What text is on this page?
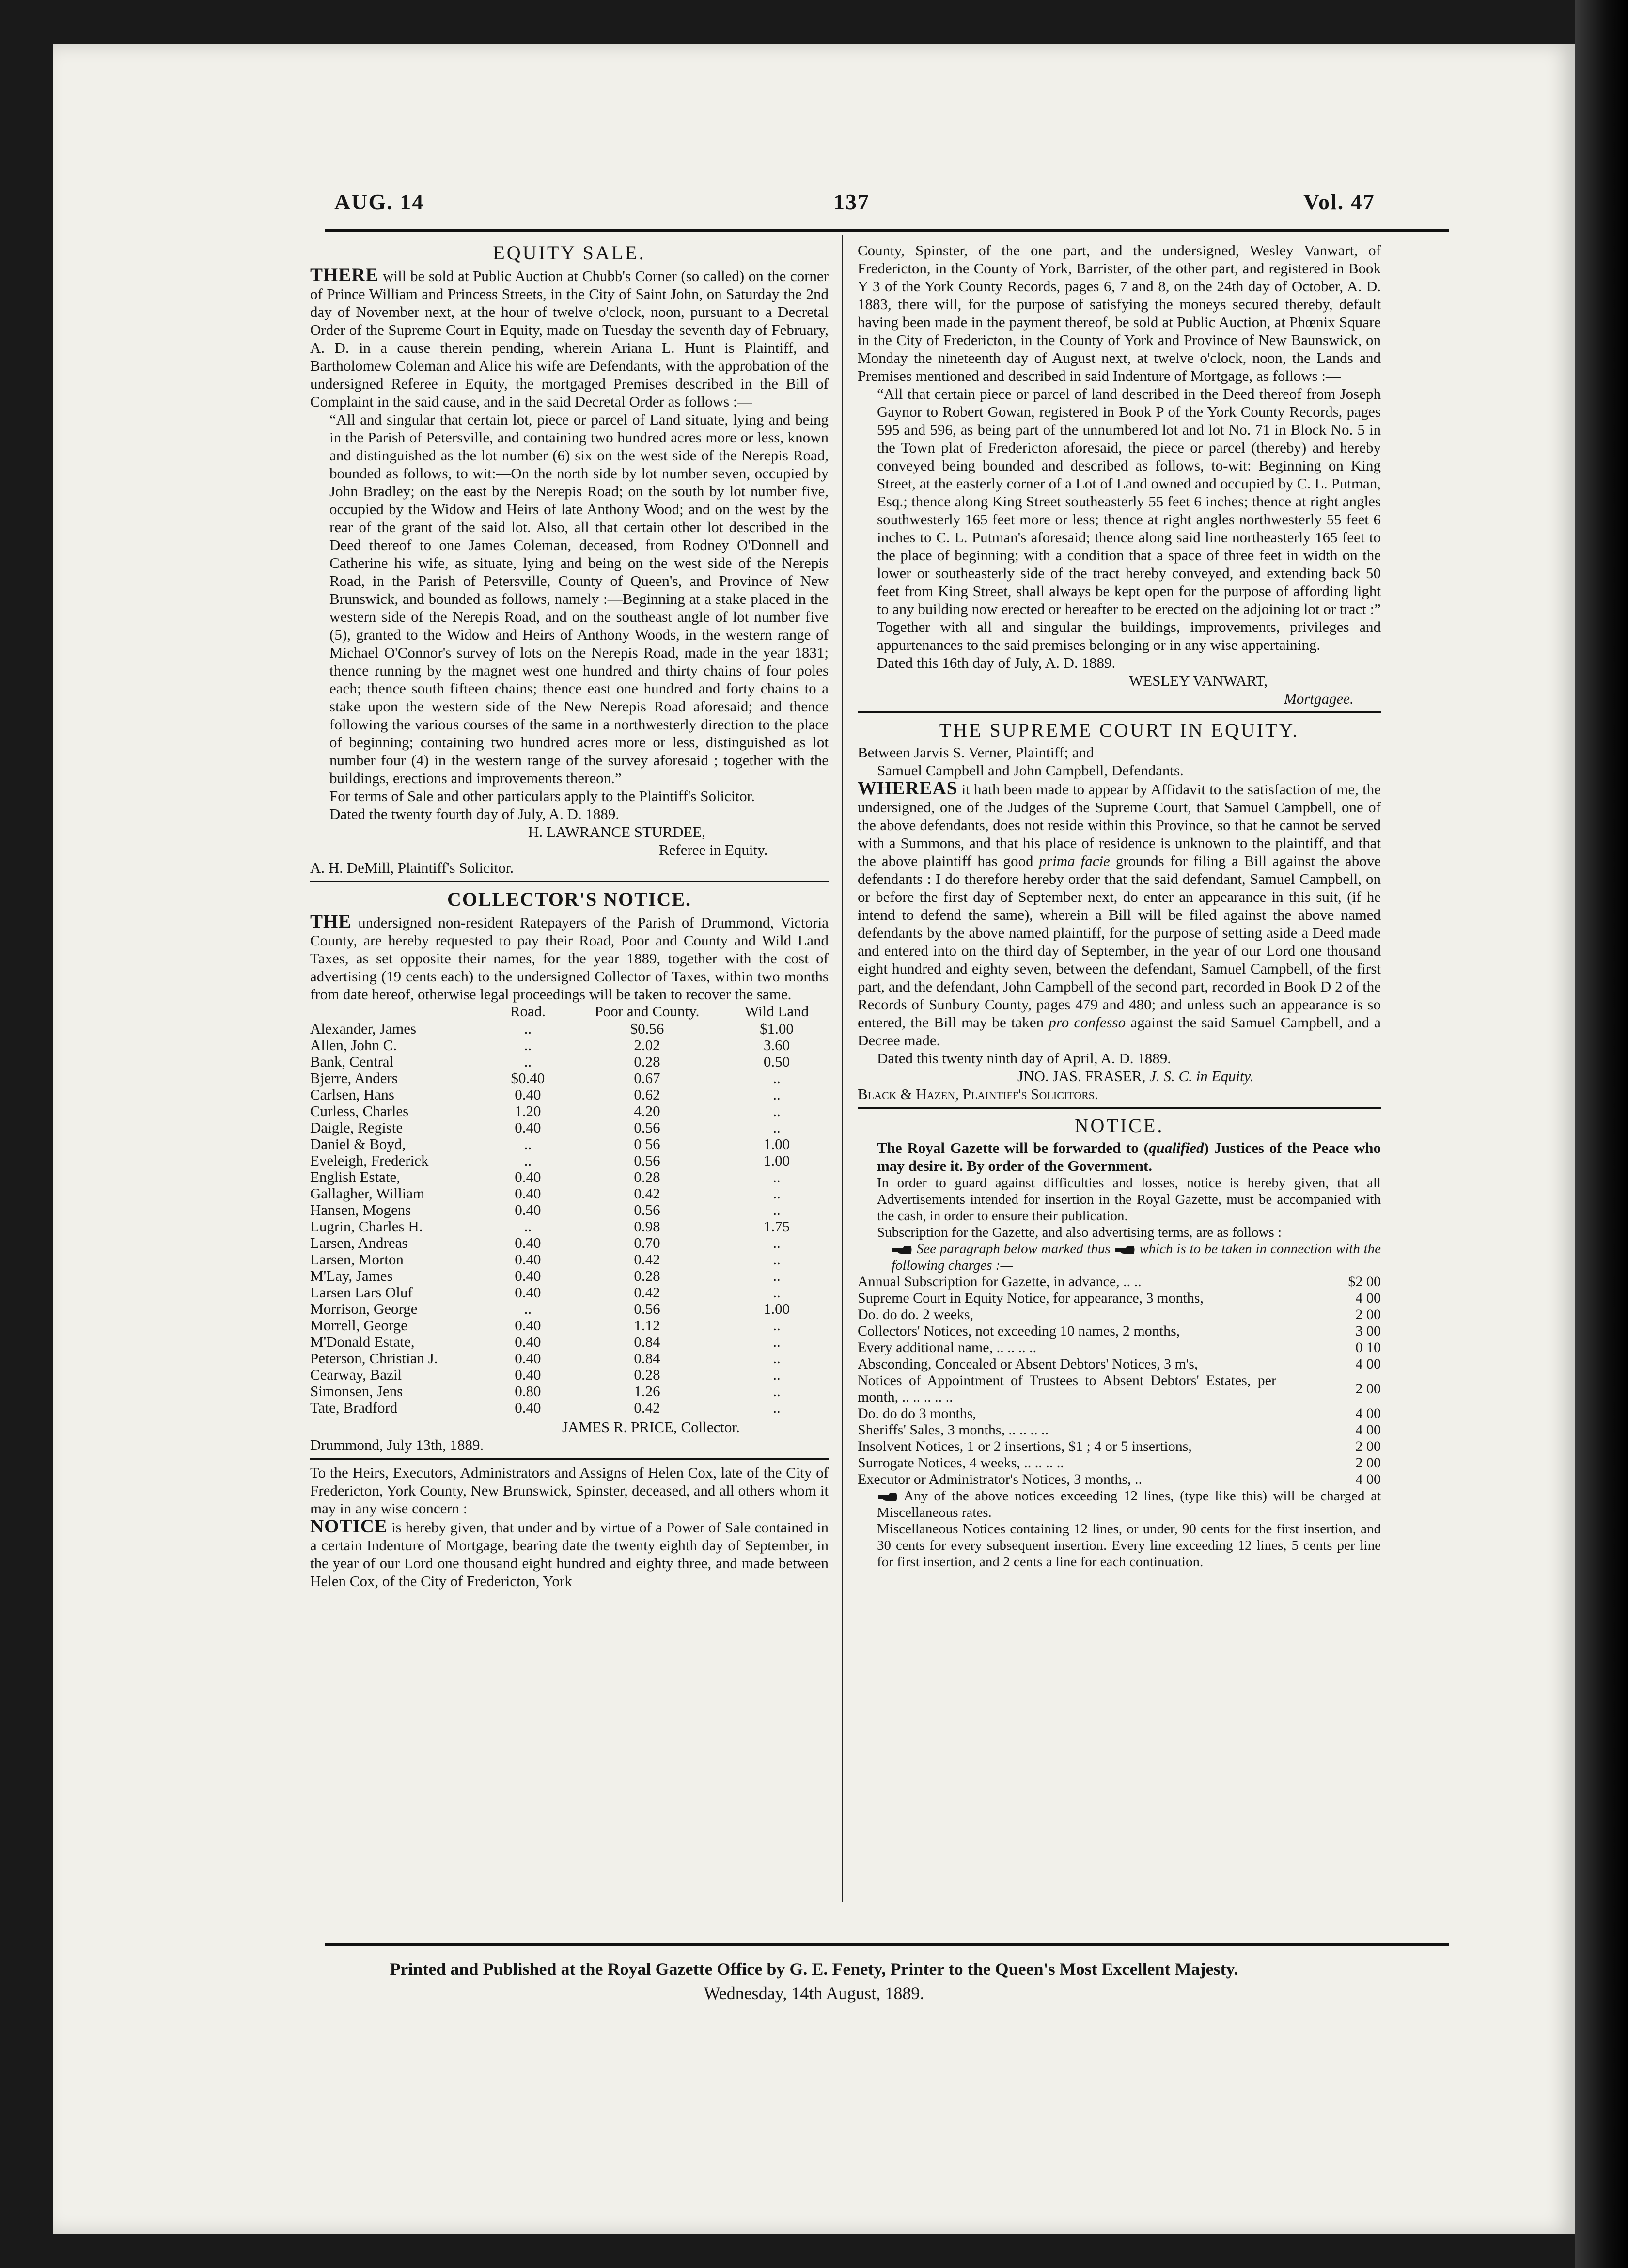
AUG. 14	137	Vol. 47

EQUITY SALE.

THERE will be sold at Public Auction at Chubb's Corner (so called) on the corner of Prince William and Princess Streets, in the City of Saint John, on Saturday the 2nd day of November next, at the hour of twelve o'clock, noon, pursuant to a Decretal Order of the Supreme Court in Equity, made on Tuesday the seventh day of February, A. D. in a cause therein pending, wherein Ariana L. Hunt is Plaintiff, and Bartholomew Coleman and Alice his wife are Defendants, with the approbation of the undersigned Referee in Equity, the mortgaged Premises described in the Bill of Complaint in the said cause, and in the said Decretal Order as follows :—

“All and singular that certain lot, piece or parcel of Land situate, lying and being in the Parish of Petersville, and containing two hundred acres more or less, known and distinguished as the lot number (6) six on the west side of the Nerepis Road, bounded as follows, to wit:—On the north side by lot number seven, occupied by John Bradley; on the east by the Nerepis Road; on the south by lot number five, occupied by the Widow and Heirs of late Anthony Wood; and on the west by the rear of the grant of the said lot. Also, all that certain other lot described in the Deed thereof to one James Coleman, deceased, from Rodney O'Donnell and Catherine his wife, as situate, lying and being on the west side of the Nerepis Road, in the Parish of Petersville, County of Queen's, and Province of New Brunswick, and bounded as follows, namely :—Beginning at a stake placed in the western side of the Nerepis Road, and on the southeast angle of lot number five (5), granted to the Widow and Heirs of Anthony Woods, in the western range of Michael O'Connor's survey of lots on the Nerepis Road, made in the year 1831; thence running by the magnet west one hundred and thirty chains of four poles each; thence south fifteen chains; thence east one hundred and forty chains to a stake upon the western side of the New Nerepis Road aforesaid; and thence following the various courses of the same in a northwesterly direction to the place of beginning; containing two hundred acres more or less, distinguished as lot number four (4) in the western range of the survey aforesaid ; together with the buildings, erections and improvements thereon.”

For terms of Sale and other particulars apply to the Plaintiff's Solicitor.

Dated the twenty fourth day of July, A. D. 1889.

H. LAWRANCE STURDEE,

Referee in Equity.

A. H. DeMill, Plaintiff's Solicitor.

COLLECTOR'S NOTICE.

THE undersigned non-resident Ratepayers of the Parish of Drummond, Victoria County, are hereby requested to pay their Road, Poor and County and Wild Land Taxes, as set opposite their names, for the year 1889, together with the cost of advertising (19 cents each) to the undersigned Collector of Taxes, within two months from date hereof, otherwise legal proceedings will be taken to recover the same.

	Road.	Poor and County.	Wild Land
Alexander, James	..	$0.56	$1.00
Allen, John C.	..	2.02	3.60
Bank, Central	..	0.28	0.50
Bjerre, Anders	$0.40	0.67	..
Carlsen, Hans	0.40	0.62	..
Curless, Charles	1.20	4.20	..
Daigle, Registe	0.40	0.56	..
Daniel & Boyd,	..	0 56	1.00
Eveleigh, Frederick	..	0.56	1.00
English Estate,	0.40	0.28	..
Gallagher, William	0.40	0.42	..
Hansen, Mogens	0.40	0.56	..
Lugrin, Charles H.	..	0.98	1.75
Larsen, Andreas	0.40	0.70	..
Larsen, Morton	0.40	0.42	..
M'Lay, James	0.40	0.28	..
Larsen Lars Oluf	0.40	0.42	..
Morrison, George	..	0.56	1.00
Morrell, George	0.40	1.12	..
M'Donald Estate,	0.40	0.84	..
Peterson, Christian J.	0.40	0.84	..
Cearway, Bazil	0.40	0.28	..
Simonsen, Jens	0.80	1.26	..
Tate, Bradford	0.40	0.42	..

JAMES R. PRICE, Collector.

Drummond, July 13th, 1889.

To the Heirs, Executors, Administrators and Assigns of Helen Cox, late of the City of Fredericton, York County, New Brunswick, Spinster, deceased, and all others whom it may in any wise concern :

NOTICE is hereby given, that under and by virtue of a Power of Sale contained in a certain Indenture of Mortgage, bearing date the twenty eighth day of September, in the year of our Lord one thousand eight hundred and eighty three, and made between Helen Cox, of the City of Fredericton, York

County, Spinster, of the one part, and the undersigned, Wesley Vanwart, of Fredericton, in the County of York, Barrister, of the other part, and registered in Book Y 3 of the York County Records, pages 6, 7 and 8, on the 24th day of October, A. D. 1883, there will, for the purpose of satisfying the moneys secured thereby, default having been made in the payment thereof, be sold at Public Auction, at Phœnix Square in the City of Fredericton, in the County of York and Province of New Baunswick, on Monday the nineteenth day of August next, at twelve o'clock, noon, the Lands and Premises mentioned and described in said Indenture of Mortgage, as follows :—

“All that certain piece or parcel of land described in the Deed thereof from Joseph Gaynor to Robert Gowan, registered in Book P of the York County Records, pages 595 and 596, as being part of the unnumbered lot and lot No. 71 in Block No. 5 in the Town plat of Fredericton aforesaid, the piece or parcel (thereby) and hereby conveyed being bounded and described as follows, to-wit: Beginning on King Street, at the easterly corner of a Lot of Land owned and occupied by C. L. Putman, Esq.; thence along King Street southeasterly 55 feet 6 inches; thence at right angles southwesterly 165 feet more or less; thence at right angles northwesterly 55 feet 6 inches to C. L. Putman's aforesaid; thence along said line northeasterly 165 feet to the place of beginning; with a condition that a space of three feet in width on the lower or southeasterly side of the tract hereby conveyed, and extending back 50 feet from King Street, shall always be kept open for the purpose of affording light to any building now erected or hereafter to be erected on the adjoining lot or tract :” Together with all and singular the buildings, improvements, privileges and appurtenances to the said premises belonging or in any wise appertaining.

Dated this 16th day of July, A. D. 1889.

WESLEY VANWART,

Mortgagee.

THE SUPREME COURT IN EQUITY.

Between Jarvis S. Verner, Plaintiff; and

Samuel Campbell and John Campbell, Defendants.

WHEREAS it hath been made to appear by Affidavit to the satisfaction of me, the undersigned, one of the Judges of the Supreme Court, that Samuel Campbell, one of the above defendants, does not reside within this Province, so that he cannot be served with a Summons, and that his place of residence is unknown to the plaintiff, and that the above plaintiff has good prima facie grounds for filing a Bill against the above defendants : I do therefore hereby order that the said defendant, Samuel Campbell, on or before the first day of September next, do enter an appearance in this suit, (if he intend to defend the same), wherein a Bill will be filed against the above named defendants by the above named plaintiff, for the purpose of setting aside a Deed made and entered into on the third day of September, in the year of our Lord one thousand eight hundred and eighty seven, between the defendant, Samuel Campbell, of the first part, and the defendant, John Campbell of the second part, recorded in Book D 2 of the Records of Sunbury County, pages 479 and 480; and unless such an appearance is so entered, the Bill may be taken pro confesso against the said Samuel Campbell, and a Decree made.

Dated this twenty ninth day of April, A. D. 1889.

JNO. JAS. FRASER, J. S. C. in Equity.

Black & Hazen, Plaintiff's Solicitors.

NOTICE.

The Royal Gazette will be forwarded to (qualified) Justices of the Peace who may desire it. By order of the Government.

In order to guard against difficulties and losses, notice is hereby given, that all Advertisements intended for insertion in the Royal Gazette, must be accompanied with the cash, in order to ensure their publication.

Subscription for the Gazette, and also advertising terms, are as follows :

See paragraph below marked thus which is to be taken in connection with the following charges :—

Annual Subscription for Gazette, in advance, .. ..	$2 00
Supreme Court in Equity Notice, for appearance, 3 months,	4 00
Do. do do. 2 weeks,	2 00
Collectors' Notices, not exceeding 10 names, 2 months,	3 00
Every additional name, .. .. .. ..	0 10
Absconding, Concealed or Absent Debtors' Notices, 3 m's,	4 00
Notices of Appointment of Trustees to Absent Debtors' Estates, per month, .. .. .. .. ..	2 00
Do. do do 3 months,	4 00
Sheriffs' Sales, 3 months, .. .. .. ..	4 00
Insolvent Notices, 1 or 2 insertions, $1 ; 4 or 5 insertions,	2 00
Surrogate Notices, 4 weeks, .. .. .. ..	2 00
Executor or Administrator's Notices, 3 months, ..	4 00

Any of the above notices exceeding 12 lines, (type like this) will be charged at Miscellaneous rates.

Miscellaneous Notices containing 12 lines, or under, 90 cents for the first insertion, and 30 cents for every subsequent insertion. Every line exceeding 12 lines, 5 cents per line for first insertion, and 2 cents a line for each continuation.

Printed and Published at the Royal Gazette Office by G. E. Fenety, Printer to the Queen's Most Excellent Majesty.
Wednesday, 14th August, 1889.
